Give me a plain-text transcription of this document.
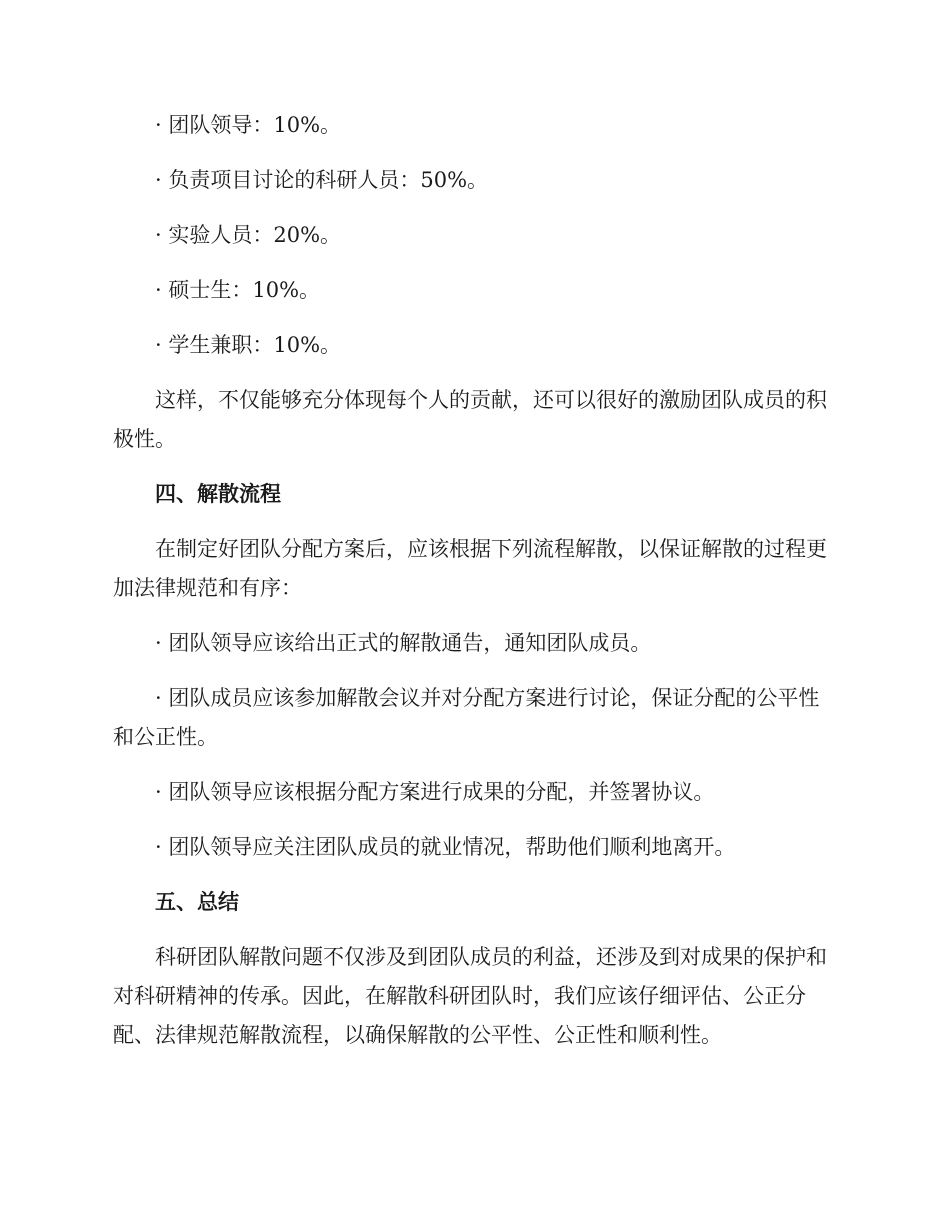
· 团队领导：10%。

· 负责项目讨论的科研人员：50%。

· 实验人员：20%。

· 硕士生：10%。

· 学生兼职：10%。

这样，不仅能够充分体现每个人的贡献，还可以很好的激励团队成员的积极性。

四、解散流程

在制定好团队分配方案后，应该根据下列流程解散，以保证解散的过程更加法律规范和有序：

· 团队领导应该给出正式的解散通告，通知团队成员。

· 团队成员应该参加解散会议并对分配方案进行讨论，保证分配的公平性和公正性。

· 团队领导应该根据分配方案进行成果的分配，并签署协议。

· 团队领导应关注团队成员的就业情况，帮助他们顺利地离开。

五、总结

科研团队解散问题不仅涉及到团队成员的利益，还涉及到对成果的保护和对科研精神的传承。因此，在解散科研团队时，我们应该仔细评估、公正分配、法律规范解散流程，以确保解散的公平性、公正性和顺利性。
